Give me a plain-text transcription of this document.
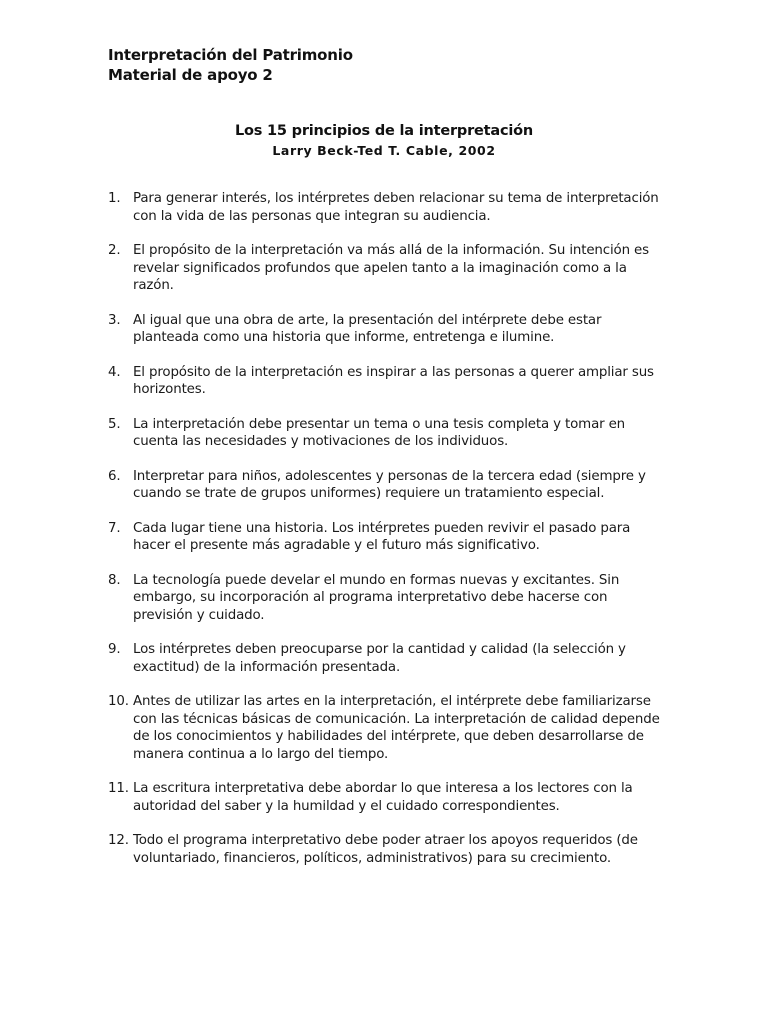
Interpretación del Patrimonio
Material de apoyo 2
Los 15 principios de la interpretación
Larry Beck-Ted T. Cable, 2002
1. Para generar interés, los intérpretes deben relacionar su tema de interpretación con la vida de las personas que integran su audiencia.
2. El propósito de la interpretación va más allá de la información. Su intención es revelar significados profundos que apelen tanto a la imaginación como a la razón.
3. Al igual que una obra de arte, la presentación del intérprete debe estar planteada como una historia que informe, entretenga e ilumine.
4. El propósito de la interpretación es inspirar a las personas a querer ampliar sus horizontes.
5. La interpretación debe presentar un tema o una tesis completa y tomar en cuenta las necesidades y motivaciones de los individuos.
6. Interpretar para niños, adolescentes y personas de la tercera edad (siempre y cuando se trate de grupos uniformes) requiere un tratamiento especial.
7. Cada lugar tiene una historia. Los intérpretes pueden revivir el pasado para hacer el presente más agradable y el futuro más significativo.
8. La tecnología puede develar el mundo en formas nuevas y excitantes. Sin embargo, su incorporación al programa interpretativo debe hacerse con previsión y cuidado.
9. Los intérpretes deben preocuparse por la cantidad y calidad (la selección y exactitud) de la información presentada.
10. Antes de utilizar las artes en la interpretación, el intérprete debe familiarizarse con las técnicas básicas de comunicación. La interpretación de calidad depende de los conocimientos y habilidades del intérprete, que deben desarrollarse de manera continua a lo largo del tiempo.
11. La escritura interpretativa debe abordar lo que interesa a los lectores con la autoridad del saber y la humildad y el cuidado correspondientes.
12. Todo el programa interpretativo debe poder atraer los apoyos requeridos (de voluntariado, financieros, políticos, administrativos) para su crecimiento.
